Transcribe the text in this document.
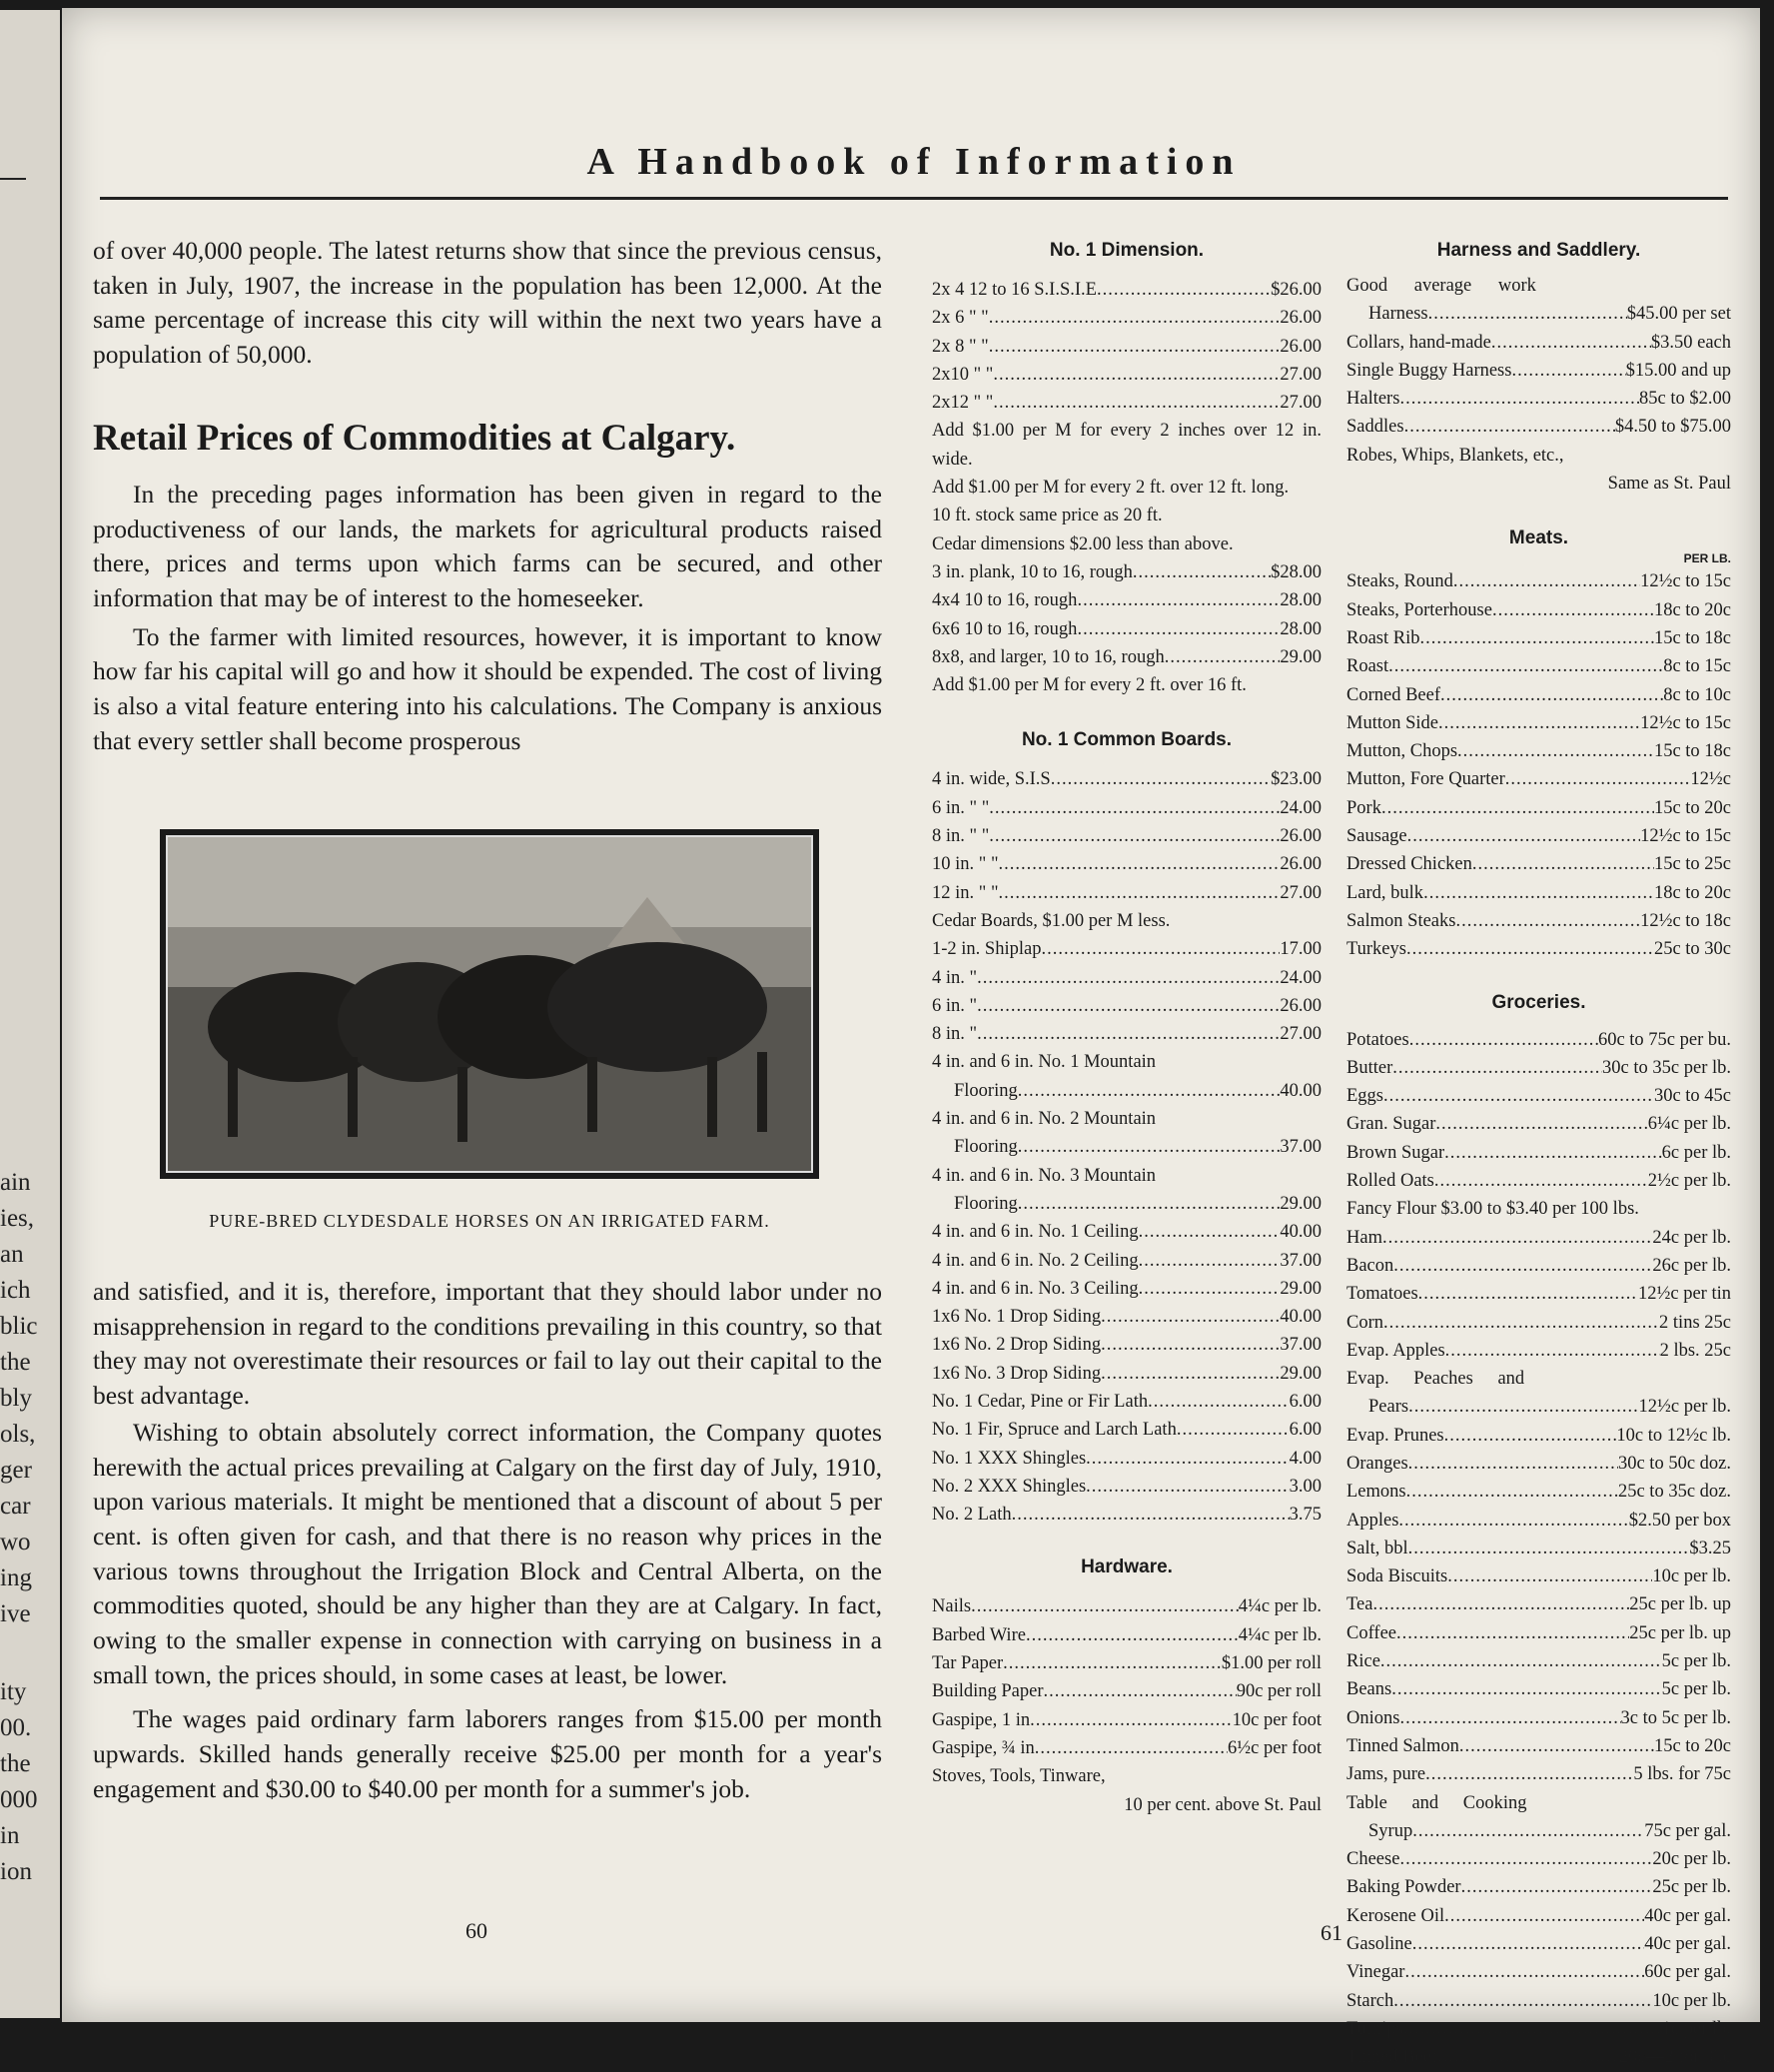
ain
ies,
an
ich
blic
the
bly
ols,
ger
car
wo
ing
ive
ity
00.
the
000
in
ion
A Handbook of Information

of over 40,000 people. The latest returns show that since the previous census, taken in July, 1907, the increase in the population has been 12,000. At the same percentage of increase this city will within the next two years have a population of 50,000.

Retail Prices of Commodities at Calgary.

In the preceding pages information has been given in regard to the productiveness of our lands, the markets for agricultural products raised there, prices and terms upon which farms can be secured, and other information that may be of interest to the homeseeker.

To the farmer with limited resources, however, it is important to know how far his capital will go and how it should be expended. The cost of living is also a vital feature entering into his calculations. The Company is anxious that every settler shall become prosperous

PURE-BRED CLYDESDALE HORSES ON AN IRRIGATED FARM.

and satisfied, and it is, therefore, important that they should labor under no misapprehension in regard to the conditions prevailing in this country, so that they may not overestimate their resources or fail to lay out their capital to the best advantage.

Wishing to obtain absolutely correct information, the Company quotes herewith the actual prices prevailing at Calgary on the first day of July, 1910, upon various materials. It might be mentioned that a discount of about 5 per cent. is often given for cash, and that there is no reason why prices in the various towns throughout the Irrigation Block and Central Alberta, on the commodities quoted, should be any higher than they are at Calgary. In fact, owing to the smaller expense in connection with carrying on business in a small town, the prices should, in some cases at least, be lower.

The wages paid ordinary farm laborers ranges from $15.00 per month upwards. Skilled hands generally receive $25.00 per month for a year's engagement and $30.00 to $40.00 per month for a summer's job.

60

No. 1 Dimension.

2x 4 12 to 16 S.I.S.I.E .....	$26.00
2x 6 " " .....	26.00
2x 8 " " .....	26.00
2x10 " " .....	27.00
2x12 " " .....	27.00

Add $1.00 per M for every 2 inches over 12 in. wide.

Add $1.00 per M for every 2 ft. over 12 ft. long.

10 ft. stock same price as 20 ft.

Cedar dimensions $2.00 less than above.

3 in. plank, 10 to 16, rough .....	$28.00
4x4 10 to 16, rough .....	28.00
6x6 10 to 16, rough .....	28.00
8x8, and larger, 10 to 16, rough .....	29.00

Add $1.00 per M for every 2 ft. over 16 ft.

No. 1 Common Boards.

4 in. wide, S.I.S .....	$23.00
6 in. " " .....	24.00
8 in. " " .....	26.00
10 in. " " .....	26.00
12 in. " " .....	27.00

Cedar Boards, $1.00 per M less.

1-2 in. Shiplap .....	17.00
4 in. " .....	24.00
6 in. " .....	26.00
8 in. " .....	27.00

4 in. and 6 in. No. 1 Mountain

Flooring .....	40.00

4 in. and 6 in. No. 2 Mountain

Flooring .....	37.00

4 in. and 6 in. No. 3 Mountain

Flooring .....	29.00
4 in. and 6 in. No. 1 Ceiling .....	40.00
4 in. and 6 in. No. 2 Ceiling .....	37.00
4 in. and 6 in. No. 3 Ceiling .....	29.00
1x6 No. 1 Drop Siding .....	40.00
1x6 No. 2 Drop Siding .....	37.00
1x6 No. 3 Drop Siding .....	29.00
No. 1 Cedar, Pine or Fir Lath .....	6.00
No. 1 Fir, Spruce and Larch Lath .....	6.00
No. 1 XXX Shingles .....	4.00
No. 2 XXX Shingles .....	3.00
No. 2 Lath .....	3.75

Hardware.

Nails .....	4¼c per lb.
Barbed Wire .....	4¼c per lb.
Tar Paper .....	$1.00 per roll
Building Paper .....	90c per roll
Gaspipe, 1 in .....	10c per foot
Gaspipe, ¾ in .....	6½c per foot

Stoves, Tools, Tinware,

10 per cent. above St. Paul

61

Harness and Saddlery.

Good average work

Harness .....	$45.00 per set
Collars, hand-made .....	$3.50 each
Single Buggy Harness .....	$15.00 and up
Halters .....	85c to $2.00
Saddles .....	$4.50 to $75.00

Robes, Whips, Blankets, etc.,

Same as St. Paul

Meats.

PER LB.
Steaks, Round .....	12½c to 15c
Steaks, Porterhouse .....	18c to 20c
Roast Rib .....	15c to 18c
Roast .....	8c to 15c
Corned Beef .....	8c to 10c
Mutton Side .....	12½c to 15c
Mutton, Chops .....	15c to 18c
Mutton, Fore Quarter .....	12½c
Pork .....	15c to 20c
Sausage .....	12½c to 15c
Dressed Chicken .....	15c to 25c
Lard, bulk .....	18c to 20c
Salmon Steaks .....	12½c to 18c
Turkeys .....	25c to 30c

Groceries.

Potatoes .....	60c to 75c per bu.
Butter .....	30c to 35c per lb.
Eggs .....	30c to 45c
Gran. Sugar .....	6¼c per lb.
Brown Sugar .....	6c per lb.
Rolled Oats .....	2½c per lb.

Fancy Flour $3.00 to $3.40 per 100 lbs.

Ham .....	24c per lb.
Bacon .....	26c per lb.
Tomatoes .....	12½c per tin
Corn .....	2 tins 25c
Evap. Apples .....	2 lbs. 25c

Evap. Peaches and

Pears .....	12½c per lb.
Evap. Prunes .....	10c to 12½c lb.
Oranges .....	30c to 50c doz.
Lemons .....	25c to 35c doz.
Apples .....	$2.50 per box
Salt, bbl .....	$3.25
Soda Biscuits .....	10c per lb.
Tea .....	25c per lb. up
Coffee .....	25c per lb. up
Rice .....	5c per lb.
Beans .....	5c per lb.
Onions .....	3c to 5c per lb.
Tinned Salmon .....	15c to 20c
Jams, pure .....	5 lbs. for 75c

Table and Cooking

Syrup .....	75c per gal.
Cheese .....	20c per lb.
Baking Powder .....	25c per lb.
Kerosene Oil .....	40c per gal.
Gasoline .....	40c per gal.
Vinegar .....	60c per gal.
Starch .....	10c per lb.
Turnips .....	1c per lb.
Tinned Beef .....	20c—2 for 35c
